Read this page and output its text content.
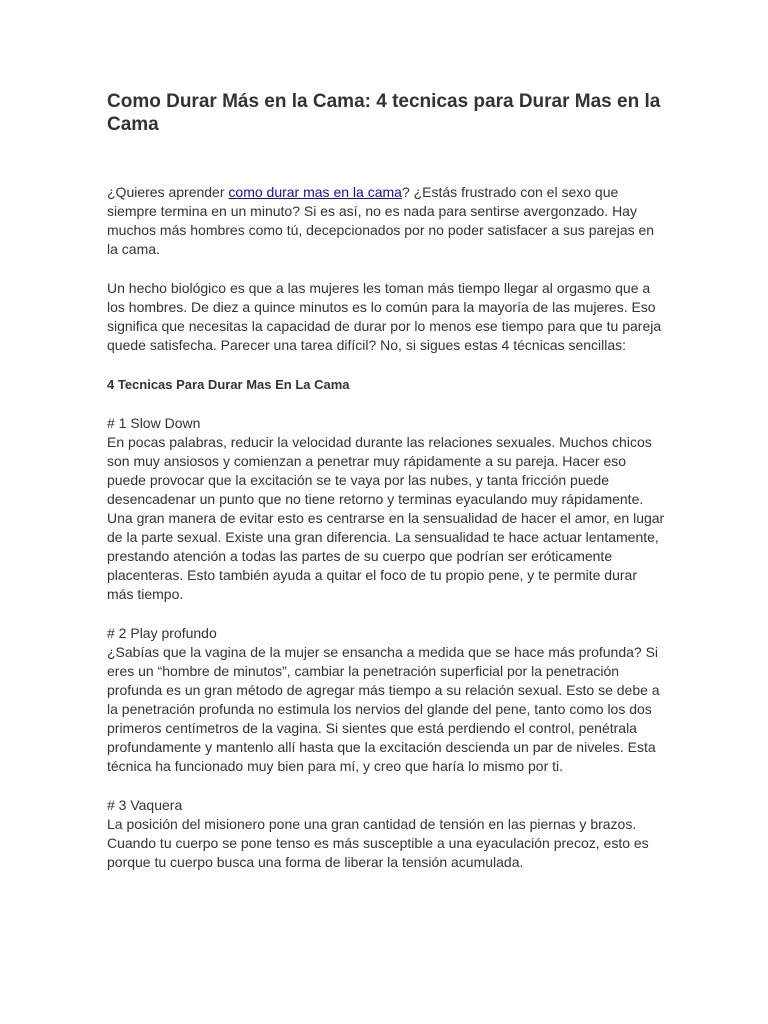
Como Durar Más en la Cama: 4 tecnicas para Durar Mas en la Cama

¿Quieres aprender como durar mas en la cama? ¿Estás frustrado con el sexo que siempre termina en un minuto? Si es así, no es nada para sentirse avergonzado. Hay muchos más hombres como tú, decepcionados por no poder satisfacer a sus parejas en la cama.

Un hecho biológico es que a las mujeres les toman más tiempo llegar al orgasmo que a los hombres. De diez a quince minutos es lo común para la mayoría de las mujeres. Eso significa que necesitas la capacidad de durar por lo menos ese tiempo para que tu pareja quede satisfecha. Parecer una tarea difícil? No, si sigues estas 4 técnicas sencillas:

4 Tecnicas Para Durar Mas En La Cama

# 1 Slow Down

En pocas palabras, reducir la velocidad durante las relaciones sexuales. Muchos chicos son muy ansiosos y comienzan a penetrar muy rápidamente a su pareja. Hacer eso puede provocar que la excitación se te vaya por las nubes, y tanta fricción puede desencadenar un punto que no tiene retorno y terminas eyaculando muy rápidamente. Una gran manera de evitar esto es centrarse en la sensualidad de hacer el amor, en lugar de la parte sexual. Existe una gran diferencia. La sensualidad te hace actuar lentamente, prestando atención a todas las partes de su cuerpo que podrían ser eróticamente placenteras. Esto también ayuda a quitar el foco de tu propio pene, y te permite durar más tiempo.

# 2 Play profundo

¿Sabías que la vagina de la mujer se ensancha a medida que se hace más profunda? Si eres un “hombre de minutos”, cambiar la penetración superficial por la penetración profunda es un gran método de agregar más tiempo a su relación sexual. Esto se debe a la penetración profunda no estimula los nervios del glande del pene, tanto como los dos primeros centímetros de la vagina. Si sientes que está perdiendo el control, penétrala profundamente y mantenlo allí hasta que la excitación descienda un par de niveles. Esta técnica ha funcionado muy bien para mí, y creo que haría lo mismo por ti.

# 3 Vaquera

La posición del misionero pone una gran cantidad de tensión en las piernas y brazos. Cuando tu cuerpo se pone tenso es más susceptible a una eyaculación precoz, esto es porque tu cuerpo busca una forma de liberar la tensión acumulada.
